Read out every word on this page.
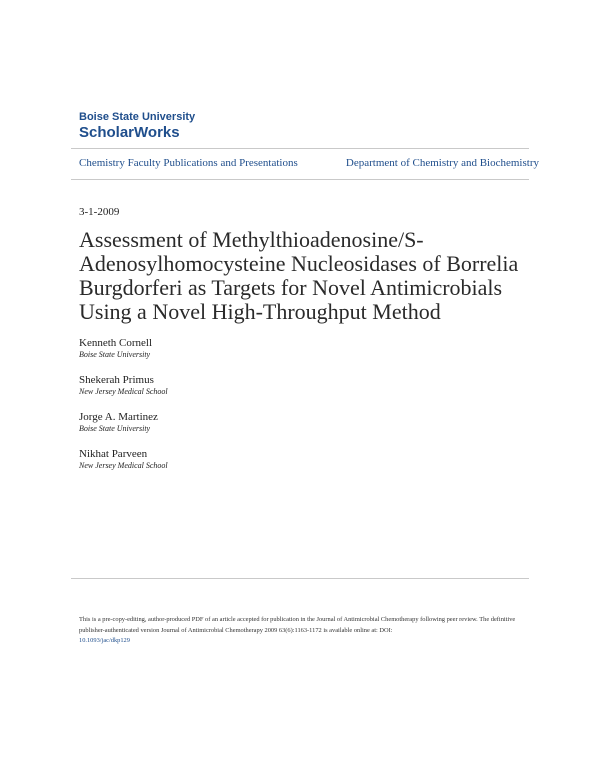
Boise State University
ScholarWorks
Chemistry Faculty Publications and Presentations	Department of Chemistry and Biochemistry
3-1-2009
Assessment of Methylthioadenosine/S-Adenosylhomocysteine Nucleosidases of Borrelia Burgdorferi as Targets for Novel Antimicrobials Using a Novel High-Throughput Method
Kenneth Cornell
Boise State University
Shekerah Primus
New Jersey Medical School
Jorge A. Martinez
Boise State University
Nikhat Parveen
New Jersey Medical School
This is a pre-copy-editing, author-produced PDF of an article accepted for publication in the Journal of Antimicrobial Chemotherapy following peer review. The definitive publisher-authenticated version Journal of Antimicrobial Chemotherapy 2009 63(6):1163-1172 is available online at: DOI:
10.1093/jac/dkp129
